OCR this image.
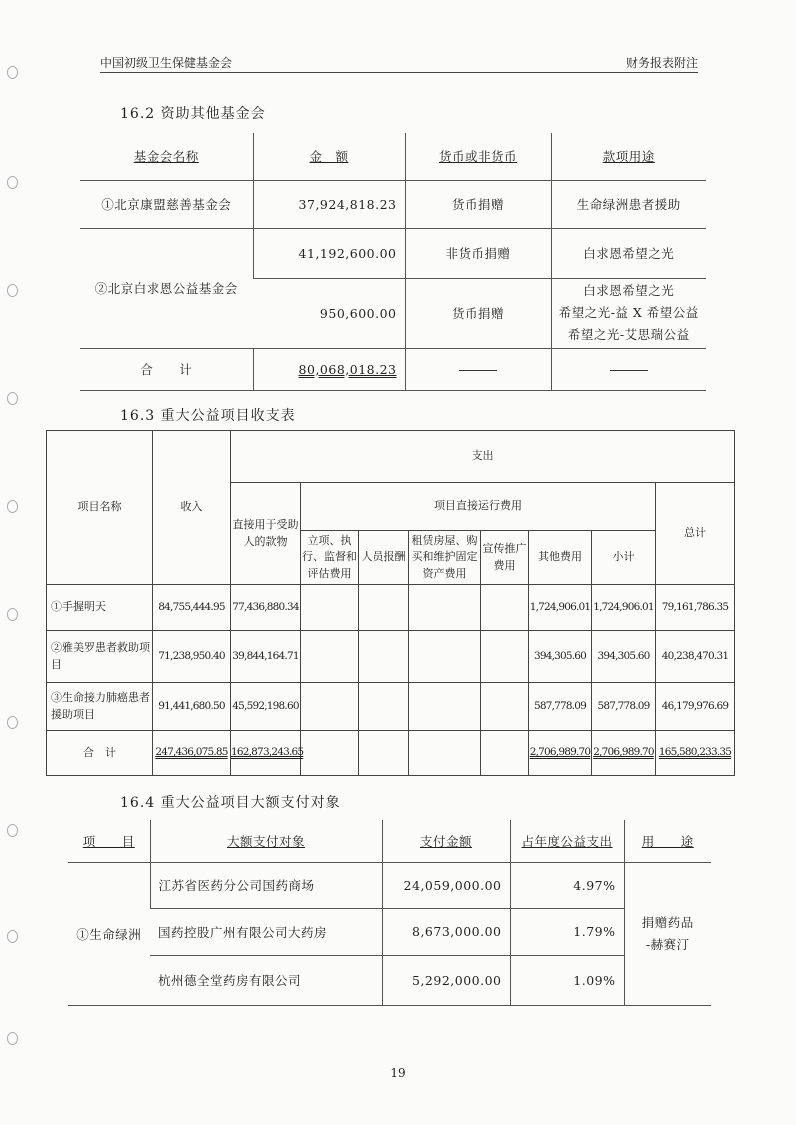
中国初级卫生保健基金会	财务报表附注
16.2 资助其他基金会
基金会名称	金　额	货币或非货币	款项用途
①北京康盟慈善基金会	37,924,818.23	货币捐赠	生命绿洲患者援助
②北京白求恩公益基金会	41,192,600.00	非货币捐赠	白求恩希望之光
	950,600.00	货币捐赠	白求恩希望之光
希望之光-益 X 希望公益
希望之光-艾思瑞公益

合　　计	80,068,018.23		
16.3 重大公益项目收支表
项目名称	收入	支出							
		直接用于受助人的款物	项目直接运行费用						总计
			立项、执行、监督和评估费用	人员报酬	租赁房屋、购买和维护固定资产费用	宣传推广费用	其他费用	小计	
①手握明天	84,755,444.95	77,436,880.34					1,724,906.01	1,724,906.01	79,161,786.35
②雅美罗患者救助项目	71,238,950.40	39,844,164.71					394,305.60	394,305.60	40,238,470.31
③生命接力肺癌患者援助项目	91,441,680.50	45,592,198.60					587,778.09	587,778.09	46,179,976.69
合　计	247,436,075.85	162,873,243.65					2,706,989.70	2,706,989.70	165,580,233.35
16.4 重大公益项目大额支付对象
项　　目	大额支付对象	支付金额	占年度公益支出	用　　途
①生命绿洲	江苏省医药分公司国药商场	24,059,000.00	4.97%	捐赠药品
-赫赛汀

	国药控股广州有限公司大药房	8,673,000.00	1.79%	
	杭州德全堂药房有限公司	5,292,000.00	1.09%	
19
